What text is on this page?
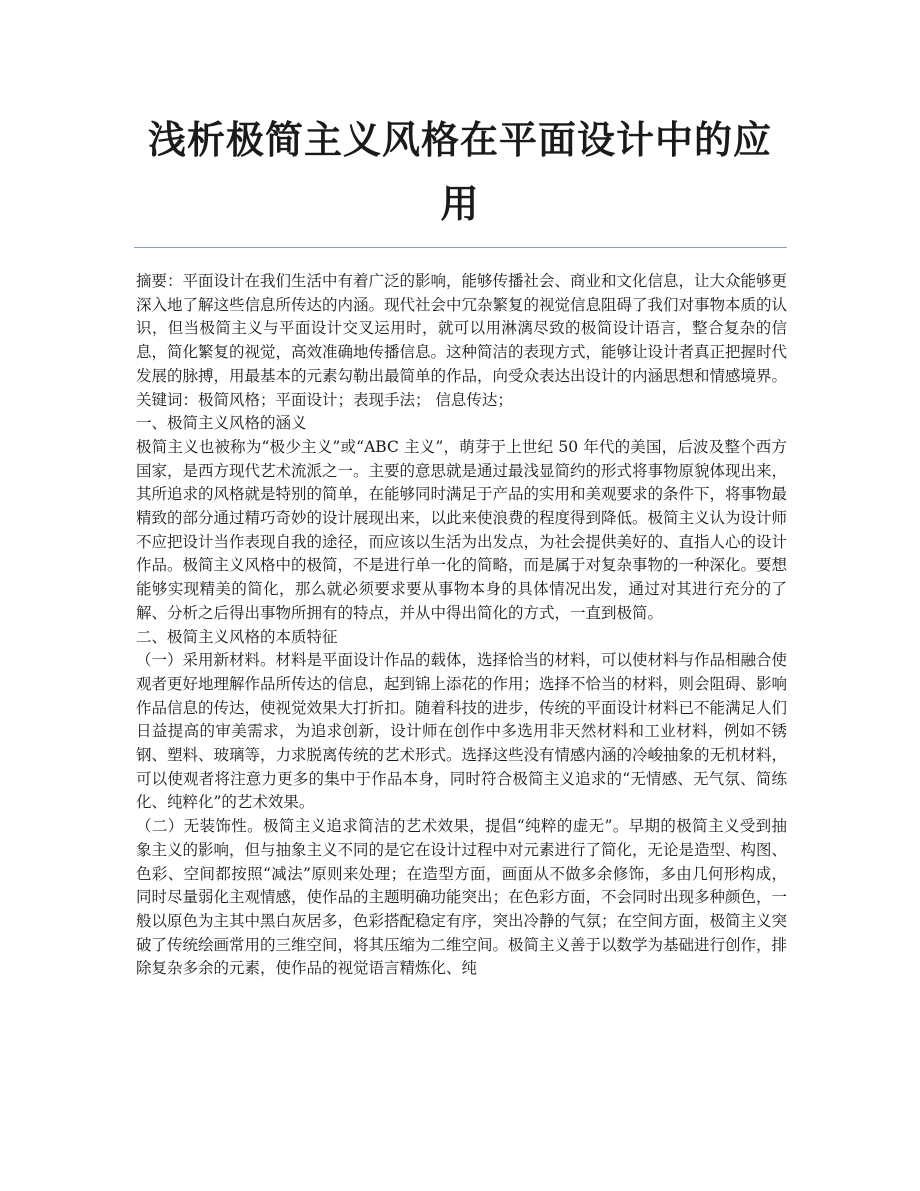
浅析极简主义风格在平面设计中的应用

摘要：平面设计在我们生活中有着广泛的影响，能够传播社会、商业和文化信息，让大众能够更深入地了解这些信息所传达的内涵。现代社会中冗杂繁复的视觉信息阻碍了我们对事物本质的认识，但当极简主义与平面设计交叉运用时，就可以用淋漓尽致的极简设计语言，整合复杂的信息，简化繁复的视觉，高效准确地传播信息。这种简洁的表现方式，能够让设计者真正把握时代发展的脉搏，用最基本的元素勾勒出最简单的作品，向受众表达出设计的内涵思想和情感境界。

关键词：极简风格；平面设计；表现手法； 信息传达；

一、极简主义风格的涵义

极简主义也被称为“极少主义”或“ABC 主义”，萌芽于上世纪 50 年代的美国，后波及整个西方国家，是西方现代艺术流派之一。主要的意思就是通过最浅显简约的形式将事物原貌体现出来，其所追求的风格就是特别的简单，在能够同时满足于产品的实用和美观要求的条件下，将事物最精致的部分通过精巧奇妙的设计展现出来，以此来使浪费的程度得到降低。极简主义认为设计师不应把设计当作表现自我的途径，而应该以生活为出发点，为社会提供美好的、直指人心的设计作品。极简主义风格中的极简，不是进行单一化的简略，而是属于对复杂事物的一种深化。要想能够实现精美的简化，那么就必须要求要从事物本身的具体情况出发，通过对其进行充分的了解、分析之后得出事物所拥有的特点，并从中得出简化的方式，一直到极简。

二、极简主义风格的本质特征

（一）采用新材料。材料是平面设计作品的载体，选择恰当的材料，可以使材料与作品相融合使观者更好地理解作品所传达的信息，起到锦上添花的作用；选择不恰当的材料，则会阻碍、影响作品信息的传达，使视觉效果大打折扣。随着科技的进步，传统的平面设计材料已不能满足人们日益提高的审美需求，为追求创新，设计师在创作中多选用非天然材料和工业材料，例如不锈钢、塑料、玻璃等，力求脱离传统的艺术形式。选择这些没有情感内涵的冷峻抽象的无机材料，可以使观者将注意力更多的集中于作品本身，同时符合极简主义追求的“无情感、无气氛、简练化、纯粹化”的艺术效果。

（二）无装饰性。极简主义追求简洁的艺术效果，提倡“纯粹的虚无”。早期的极简主义受到抽象主义的影响，但与抽象主义不同的是它在设计过程中对元素进行了简化，无论是造型、构图、色彩、空间都按照“减法”原则来处理；在造型方面，画面从不做多余修饰，多由几何形构成，同时尽量弱化主观情感，使作品的主题明确功能突出；在色彩方面，不会同时出现多种颜色，一般以原色为主其中黑白灰居多，色彩搭配稳定有序，突出冷静的气氛；在空间方面，极简主义突破了传统绘画常用的三维空间，将其压缩为二维空间。极简主义善于以数学为基础进行创作，排除复杂多余的元素，使作品的视觉语言精炼化、纯
